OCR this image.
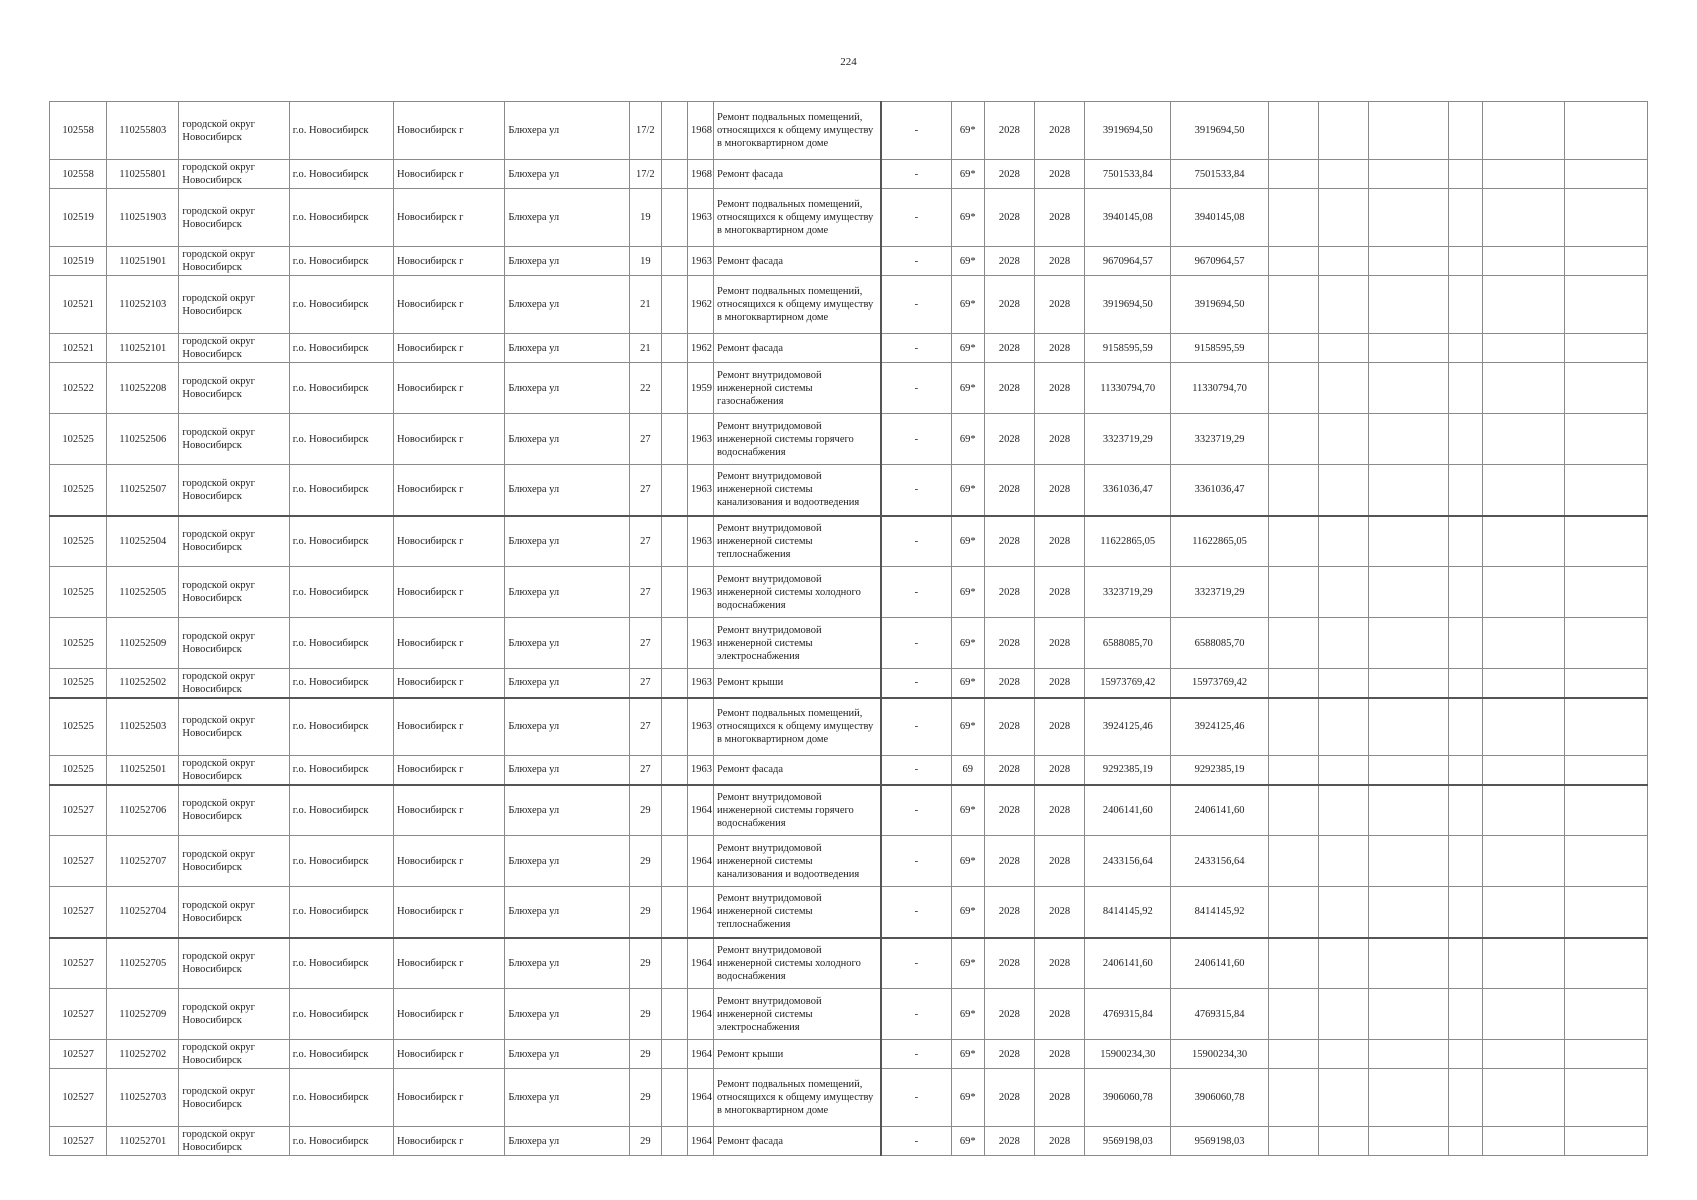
224
102558	110255803	городской округ Новосибирск	г.о. Новосибирск	Новосибирск г	Блюхера ул	17/2		1968	Ремонт подвальных помещений, относящихся к общему имуществу в многоквартирном доме	-	69*	2028	2028	3919694,50	3919694,50						
102558	110255801	городской округ Новосибирск	г.о. Новосибирск	Новосибирск г	Блюхера ул	17/2		1968	Ремонт фасада	-	69*	2028	2028	7501533,84	7501533,84						
102519	110251903	городской округ Новосибирск	г.о. Новосибирск	Новосибирск г	Блюхера ул	19		1963	Ремонт подвальных помещений, относящихся к общему имуществу в многоквартирном доме	-	69*	2028	2028	3940145,08	3940145,08						
102519	110251901	городской округ Новосибирск	г.о. Новосибирск	Новосибирск г	Блюхера ул	19		1963	Ремонт фасада	-	69*	2028	2028	9670964,57	9670964,57						
102521	110252103	городской округ Новосибирск	г.о. Новосибирск	Новосибирск г	Блюхера ул	21		1962	Ремонт подвальных помещений, относящихся к общему имуществу в многоквартирном доме	-	69*	2028	2028	3919694,50	3919694,50						
102521	110252101	городской округ Новосибирск	г.о. Новосибирск	Новосибирск г	Блюхера ул	21		1962	Ремонт фасада	-	69*	2028	2028	9158595,59	9158595,59						
102522	110252208	городской округ Новосибирск	г.о. Новосибирск	Новосибирск г	Блюхера ул	22		1959	Ремонт внутридомовой инженерной системы газоснабжения	-	69*	2028	2028	11330794,70	11330794,70						
102525	110252506	городской округ Новосибирск	г.о. Новосибирск	Новосибирск г	Блюхера ул	27		1963	Ремонт внутридомовой инженерной системы горячего водоснабжения	-	69*	2028	2028	3323719,29	3323719,29						
102525	110252507	городской округ Новосибирск	г.о. Новосибирск	Новосибирск г	Блюхера ул	27		1963	Ремонт внутридомовой инженерной системы канализования и водоотведения	-	69*	2028	2028	3361036,47	3361036,47						
102525	110252504	городской округ Новосибирск	г.о. Новосибирск	Новосибирск г	Блюхера ул	27		1963	Ремонт внутридомовой инженерной системы теплоснабжения	-	69*	2028	2028	11622865,05	11622865,05						
102525	110252505	городской округ Новосибирск	г.о. Новосибирск	Новосибирск г	Блюхера ул	27		1963	Ремонт внутридомовой инженерной системы холодного водоснабжения	-	69*	2028	2028	3323719,29	3323719,29						
102525	110252509	городской округ Новосибирск	г.о. Новосибирск	Новосибирск г	Блюхера ул	27		1963	Ремонт внутридомовой инженерной системы электроснабжения	-	69*	2028	2028	6588085,70	6588085,70						
102525	110252502	городской округ Новосибирск	г.о. Новосибирск	Новосибирск г	Блюхера ул	27		1963	Ремонт крыши	-	69*	2028	2028	15973769,42	15973769,42						
102525	110252503	городской округ Новосибирск	г.о. Новосибирск	Новосибирск г	Блюхера ул	27		1963	Ремонт подвальных помещений, относящихся к общему имуществу в многоквартирном доме	-	69*	2028	2028	3924125,46	3924125,46						
102525	110252501	городской округ Новосибирск	г.о. Новосибирск	Новосибирск г	Блюхера ул	27		1963	Ремонт фасада	-	69	2028	2028	9292385,19	9292385,19						
102527	110252706	городской округ Новосибирск	г.о. Новосибирск	Новосибирск г	Блюхера ул	29		1964	Ремонт внутридомовой инженерной системы горячего водоснабжения	-	69*	2028	2028	2406141,60	2406141,60						
102527	110252707	городской округ Новосибирск	г.о. Новосибирск	Новосибирск г	Блюхера ул	29		1964	Ремонт внутридомовой инженерной системы канализования и водоотведения	-	69*	2028	2028	2433156,64	2433156,64						
102527	110252704	городской округ Новосибирск	г.о. Новосибирск	Новосибирск г	Блюхера ул	29		1964	Ремонт внутридомовой инженерной системы теплоснабжения	-	69*	2028	2028	8414145,92	8414145,92						
102527	110252705	городской округ Новосибирск	г.о. Новосибирск	Новосибирск г	Блюхера ул	29		1964	Ремонт внутридомовой инженерной системы холодного водоснабжения	-	69*	2028	2028	2406141,60	2406141,60						
102527	110252709	городской округ Новосибирск	г.о. Новосибирск	Новосибирск г	Блюхера ул	29		1964	Ремонт внутридомовой инженерной системы электроснабжения	-	69*	2028	2028	4769315,84	4769315,84						
102527	110252702	городской округ Новосибирск	г.о. Новосибирск	Новосибирск г	Блюхера ул	29		1964	Ремонт крыши	-	69*	2028	2028	15900234,30	15900234,30						
102527	110252703	городской округ Новосибирск	г.о. Новосибирск	Новосибирск г	Блюхера ул	29		1964	Ремонт подвальных помещений, относящихся к общему имуществу в многоквартирном доме	-	69*	2028	2028	3906060,78	3906060,78						
102527	110252701	городской округ Новосибирск	г.о. Новосибирск	Новосибирск г	Блюхера ул	29		1964	Ремонт фасада	-	69*	2028	2028	9569198,03	9569198,03						
